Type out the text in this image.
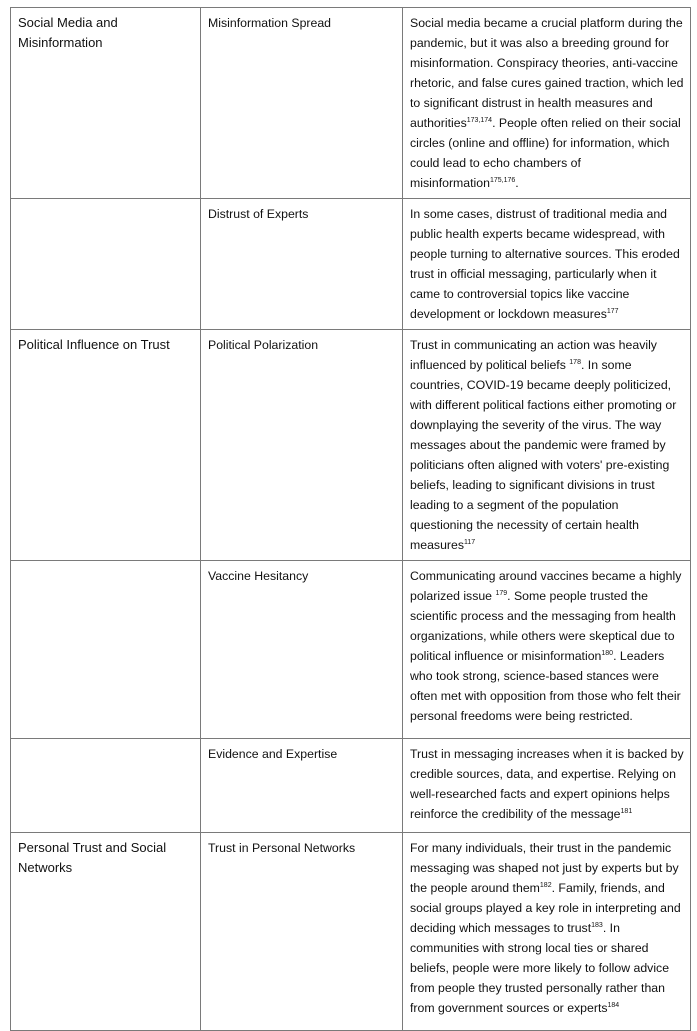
Social Media and
Misinformation	Misinformation Spread	Social media became a crucial platform during the pandemic, but it was also a breeding ground for misinformation. Conspiracy theories, anti-vaccine rhetoric, and false cures gained traction, which led to significant distrust in health measures and authorities$^{173,174}$. People often relied on their social circles (online and offline) for information, which could lead to echo chambers of misinformation$^{175,176}$.
	Distrust of Experts	In some cases, distrust of traditional media and public health experts became widespread, with people turning to alternative sources. This eroded trust in official messaging, particularly when it came to controversial topics like vaccine development or lockdown measures$^{177}$
Political Influence on Trust	Political Polarization	Trust in communicating an action was heavily influenced by political beliefs $^{178}$. In some countries, COVID-19 became deeply politicized, with different political factions either promoting or downplaying the severity of the virus. The way messages about the pandemic were framed by politicians often aligned with voters' pre-existing beliefs, leading to significant divisions in trust leading to a segment of the population questioning the necessity of certain health measures$^{117}$
	Vaccine Hesitancy	Communicating around vaccines became a highly polarized issue $^{179}$. Some people trusted the scientific process and the messaging from health organizations, while others were skeptical due to political influence or misinformation$^{180}$. Leaders who took strong, science-based stances were often met with opposition from those who felt their personal freedoms were being restricted.
	Evidence and Expertise	Trust in messaging increases when it is backed by credible sources, data, and expertise. Relying on well-researched facts and expert opinions helps reinforce the credibility of the message$^{181}$
Personal Trust and Social
Networks	Trust in Personal Networks	For many individuals, their trust in the pandemic messaging was shaped not just by experts but by the people around them$^{182}$. Family, friends, and social groups played a key role in interpreting and deciding which messages to trust$^{183}$. In communities with strong local ties or shared beliefs, people were more likely to follow advice from people they trusted personally rather than from government sources or experts$^{184}$
